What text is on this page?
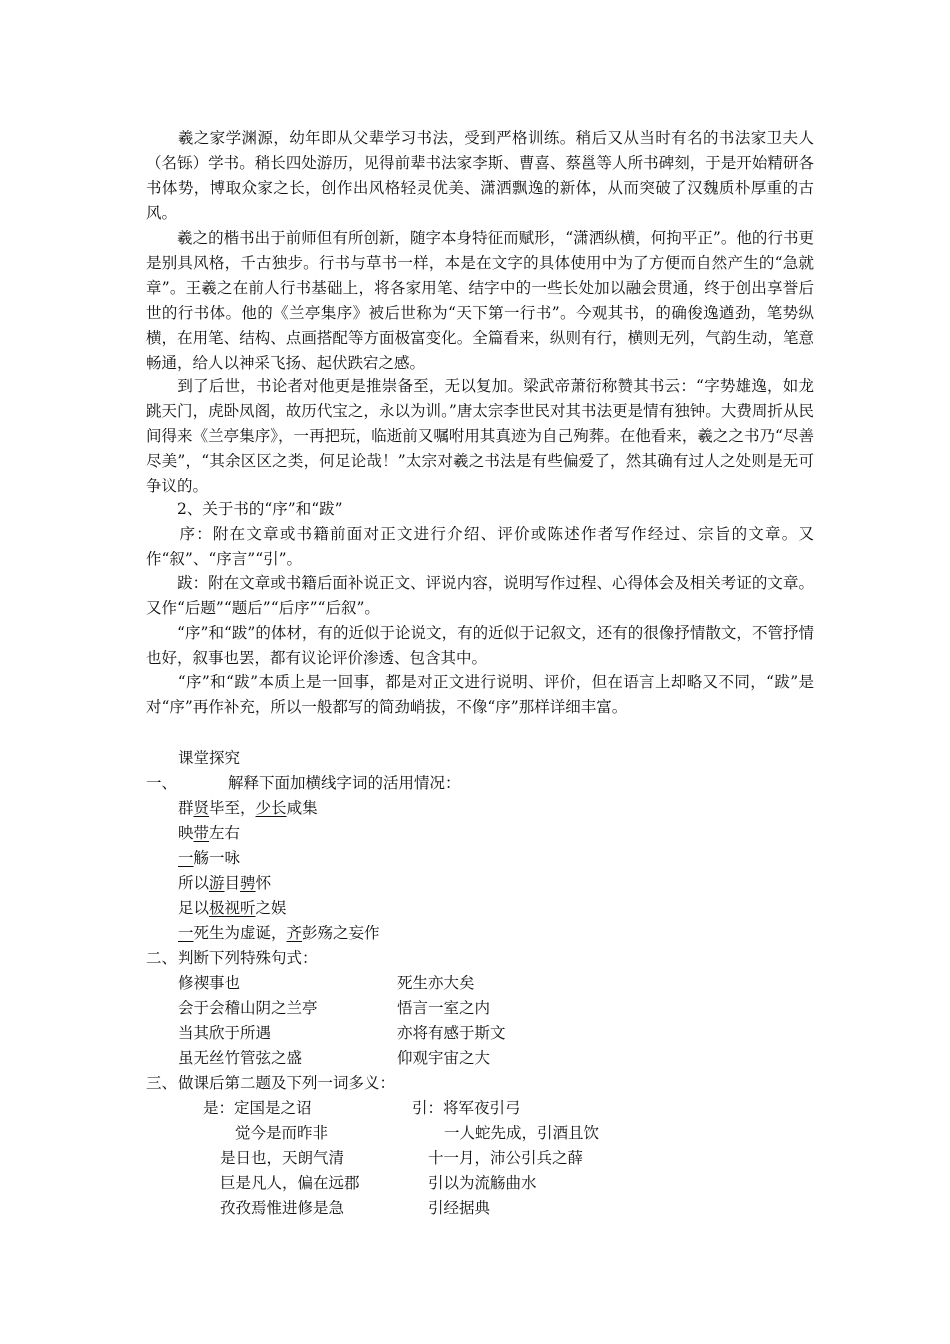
　　羲之家学渊源，幼年即从父辈学习书法，受到严格训练。稍后又从当时有名的书法家卫夫人（名铄）学书。稍长四处游历，见得前辈书法家李斯、曹喜、蔡邕等人所书碑刻，于是开始精研各书体势，博取众家之长，创作出风格轻灵优美、潇洒飘逸的新体，从而突破了汉魏质朴厚重的古风。

　　羲之的楷书出于前师但有所创新，随字本身特征而赋形，“潇洒纵横，何拘平正”。他的行书更是别具风格，千古独步。行书与草书一样，本是在文字的具体使用中为了方便而自然产生的“急就章”。王羲之在前人行书基础上，将各家用笔、结字中的一些长处加以融会贯通，终于创出享誉后世的行书体。他的《兰亭集序》被后世称为“天下第一行书”。今观其书，的确俊逸遒劲，笔势纵横，在用笔、结构、点画搭配等方面极富变化。全篇看来，纵则有行，横则无列，气韵生动，笔意畅通，给人以神采飞扬、起伏跌宕之感。

　　到了后世，书论者对他更是推崇备至，无以复加。梁武帝萧衍称赞其书云：“字势雄逸，如龙跳天门，虎卧凤阁，故历代宝之，永以为训。”唐太宗李世民对其书法更是情有独钟。大费周折从民间得来《兰亭集序》，一再把玩，临逝前又嘱咐用其真迹为自己殉葬。在他看来，羲之之书乃“尽善尽美”，“其余区区之类，何足论哉！”太宗对羲之书法是有些偏爱了，然其确有过人之处则是无可争议的。

　　2、关于书的“序”和“跋”

　　序：附在文章或书籍前面对正文进行介绍、评价或陈述作者写作经过、宗旨的文章。又作“叙”、“序言”“引”。

　　跋：附在文章或书籍后面补说正文、评说内容，说明写作过程、心得体会及相关考证的文章。又作“后题”“题后”“后序”“后叙”。

　　“序”和“跋”的体材，有的近似于论说文，有的近似于记叙文，还有的很像抒情散文，不管抒情也好，叙事也罢，都有议论评价渗透、包含其中。

　　“序”和“跋”本质上是一回事，都是对正文进行说明、评价，但在语言上却略又不同，“跋”是对“序”再作补充，所以一般都写的简劲峭拔，不像“序”那样详细丰富。

课堂探究
一、	解释下面加横线字词的活用情况：
群贤毕至，少长咸集
映带左右
一觞一咏
所以游目骋怀
足以极视听之娱
一死生为虚诞，齐彭殇之妄作
二、 判断下列特殊句式：
修禊事也
会于会稽山阴之兰亭
当其欣于所遇
虽无丝竹管弦之盛
死生亦大矣
悟言一室之内
亦将有感于斯文
仰观宇宙之大
三、 做课后第二题及下列一词多义：
是：定国是之诏
觉今是而昨非
是日也，天朗气清
巨是凡人，偏在远郡
孜孜焉惟进修是急
引：将军夜引弓
一人蛇先成，引酒且饮
十一月，沛公引兵之薛
引以为流觞曲水
引经据典
